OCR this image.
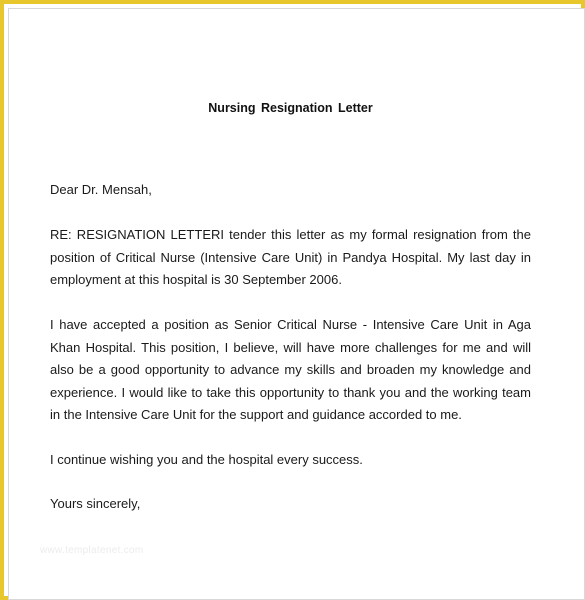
Nursing Resignation Letter

Dear Dr. Mensah,

RE: RESIGNATION LETTERI tender this letter as my formal resignation from the position of Critical Nurse (Intensive Care Unit) in Pandya Hospital. My last day in employment at this hospital is 30 September 2006.

I have accepted a position as Senior Critical Nurse - Intensive Care Unit in Aga Khan Hospital. This position, I believe, will have more challenges for me and will also be a good opportunity to advance my skills and broaden my knowledge and experience. I would like to take this opportunity to thank you and the working team in the Intensive Care Unit for the support and guidance accorded to me.

I continue wishing you and the hospital every success.

Yours sincerely,

www.templatenet.com
